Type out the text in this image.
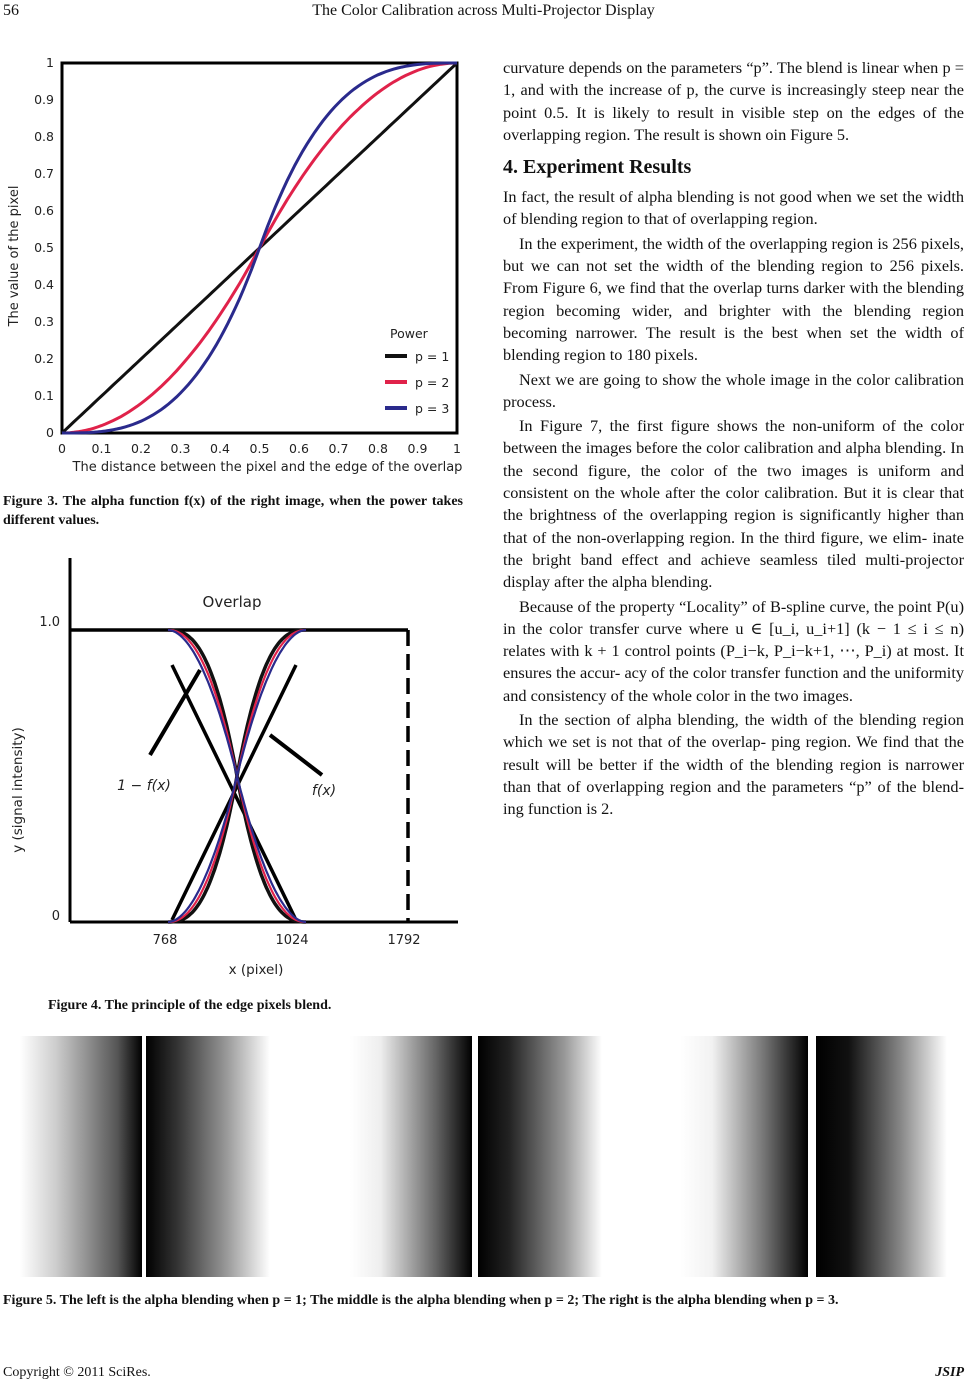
56	The Color Calibration across Multi-Projector Display
0 0.1 0.2 0.3 0.4 0.5 0.6 0.7 0.8 0.9 1
0
0.1
0.2
0.3
0.4
0.5
0.6
0.7
0.8
0.9
1
The distance between the pixel and the edge of the overlap
The value of the pixel
Power
p = 1
p = 2
p = 3
Figure 3. The alpha function f(x) of the right image, when the power takes different values.
1.0
0
768	1024	1792
x (pixel)
y (signal intensity)
Overlap
1 − f(x)	f(x)
Figure 4. The principle of the edge pixels blend.

curvature depends on the parameters “p”. The blend is linear when p = 1, and with the increase of p, the curve is increasingly steep near the point 0.5. It is likely to result in visible step on the edges of the overlapping region. The result is shown oin Figure 5.

4. Experiment Results

In fact, the result of alpha blending is not good when we set the width of blending region to that of overlapping region.

In the experiment, the width of the overlapping region is 256 pixels, but we can not set the width of the blending region to 256 pixels. From Figure 6, we find that the overlap turns darker with the blending region becoming wider, and brighter with the blending region becoming narrower. The result is the best when set the width of blending region to 180 pixels.

Next we are going to show the whole image in the color calibration process.

In Figure 7, the first figure shows the non-uniform of the color between the images before the color calibration and alpha blending. In the second figure, the color of the two images is uniform and consistent on the whole after the color calibration. But it is clear that the brightness of the overlapping region is significantly higher than that of the non-overlapping region. In the third figure, we elim- inate the bright band effect and achieve seamless tiled multi-projector display after the alpha blending.

Because of the property “Locality” of B-spline curve, the point P(u) in the color transfer curve where u ∈ [u_i, u_i+1] (k − 1 ≤ i ≤ n) relates with k + 1 control points (P_i−k, P_i−k+1, ⋯, P_i) at most. It ensures the accur- acy of the color transfer function and the uniformity and consistency of the whole color in the two images.

In the section of alpha blending, the width of the blending region which we set is not that of the overlap- ping region. We find that the result will be better if the width of the blending region is narrower than that of overlapping region and the parameters “p” of the blend- ing function is 2.

Figure 5. The left is the alpha blending when p = 1; The middle is the alpha blending when p = 2; The right is the alpha blending when p = 3.
Copyright © 2011 SciRes.	JSIP
